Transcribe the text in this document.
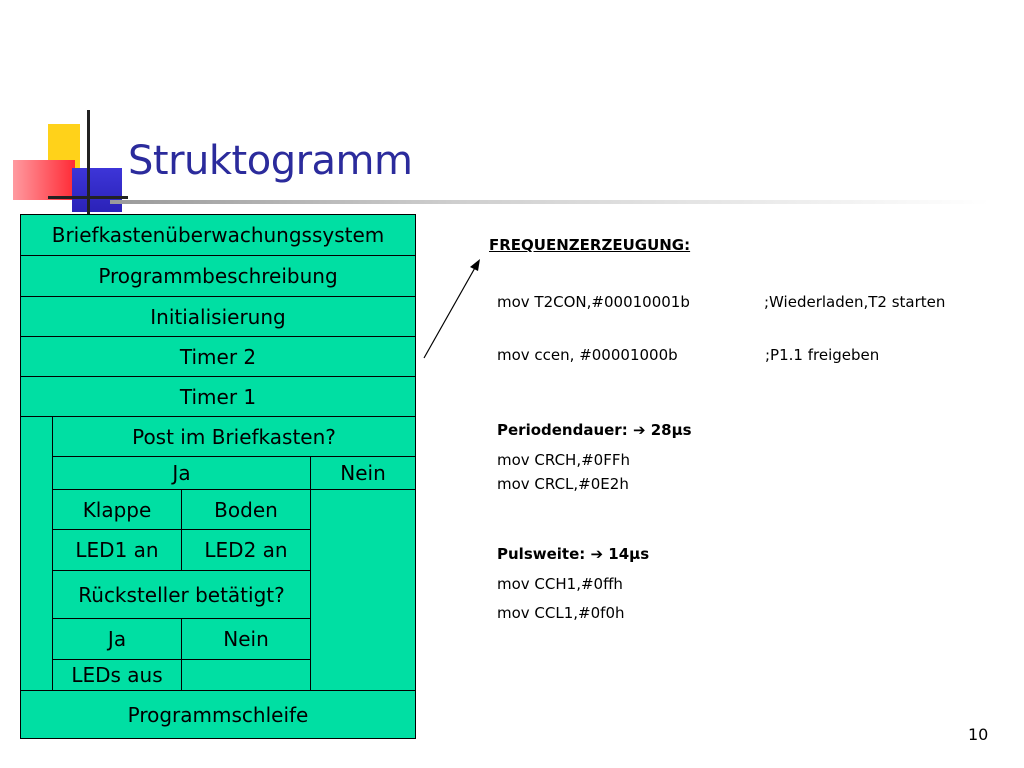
Struktogramm
Briefkastenüberwachungssystem
Programmbeschreibung
Initialisierung
Timer 2
Timer 1
Post im Briefkasten?
Ja	Nein
Klappe	Boden
LED1 an	LED2 an
Rücksteller betätigt?
Ja	Nein
LEDs aus
Programmschleife
FREQUENZERZEUGUNG:
mov T2CON,#00010001b	;Wiederladen,T2 starten
mov ccen, #00001000b	;P1.1 freigeben
Periodendauer: ➔ 28µs
mov CRCH,#0FFh
mov CRCL,#0E2h
Pulsweite: ➔ 14µs
mov CCH1,#0ffh
mov CCL1,#0f0h
10
